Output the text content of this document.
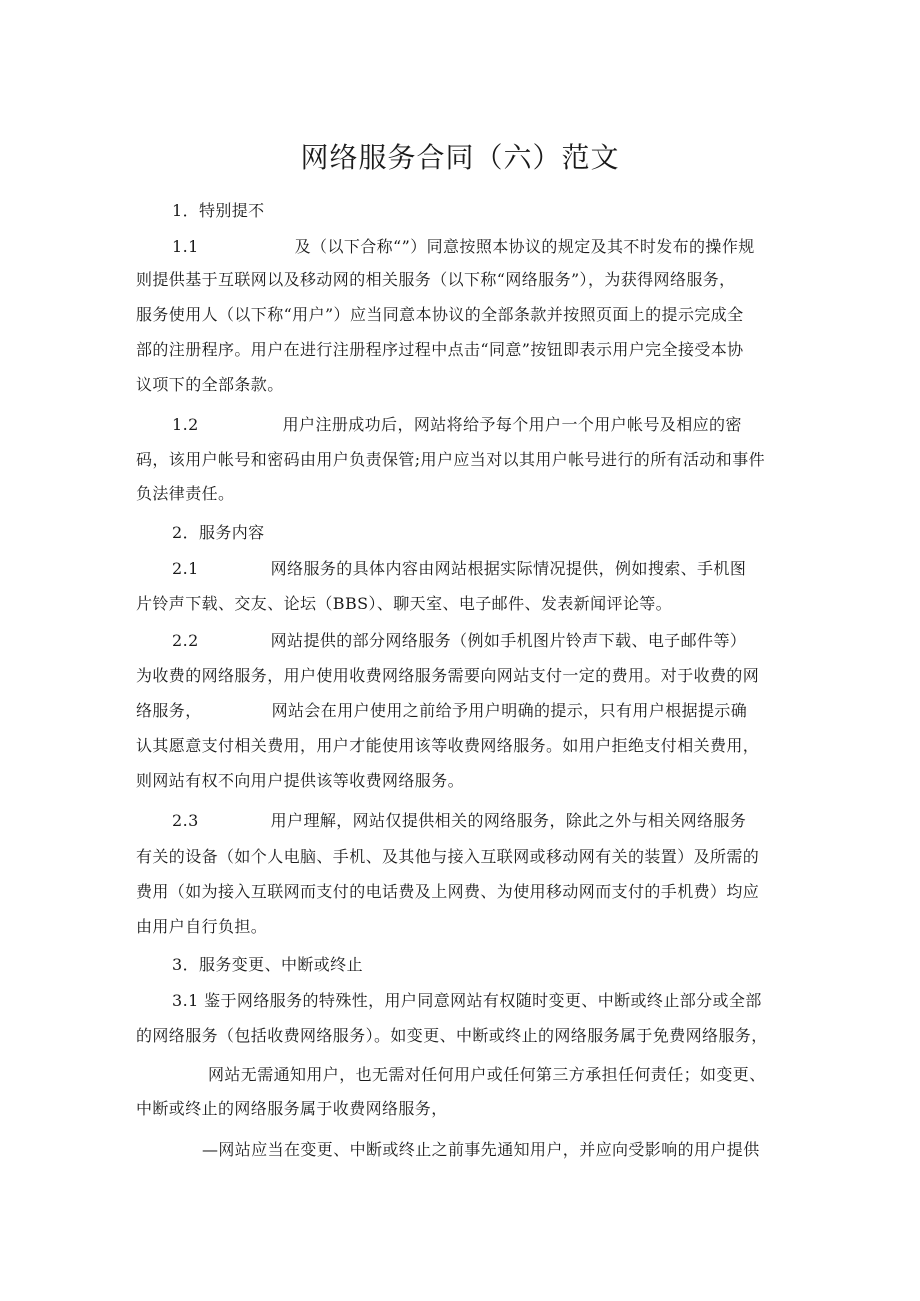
网络服务合同（六）范文
1．特别提不
1.1	及（以下合称“”）同意按照本协议的规定及其不时发布的操作规
则提供基于互联网以及移动网的相关服务（以下称“网络服务”），为获得网络服务，
服务使用人（以下称“用户”）应当同意本协议的全部条款并按照页面上的提示完成全
部的注册程序。用户在进行注册程序过程中点击“同意”按钮即表示用户完全接受本协
议项下的全部条款。
1.2	用户注册成功后，网站将给予每个用户一个用户帐号及相应的密
码，该用户帐号和密码由用户负责保管;用户应当对以其用户帐号进行的所有活动和事件
负法律责任。
2．服务内容
2.1	网络服务的具体内容由网站根据实际情况提供，例如搜索、手机图
片铃声下载、交友、论坛（BBS）、聊天室、电子邮件、发表新闻评论等。
2.2	网站提供的部分网络服务（例如手机图片铃声下载、电子邮件等）
为收费的网络服务，用户使用收费网络服务需要向网站支付一定的费用。对于收费的网
络服务，	网站会在用户使用之前给予用户明确的提示，只有用户根据提示确
认其愿意支付相关费用，用户才能使用该等收费网络服务。如用户拒绝支付相关费用，
则网站有权不向用户提供该等收费网络服务。
2.3	用户理解，网站仅提供相关的网络服务，除此之外与相关网络服务
有关的设备（如个人电脑、手机、及其他与接入互联网或移动网有关的装置）及所需的
费用（如为接入互联网而支付的电话费及上网费、为使用移动网而支付的手机费）均应
由用户自行负担。
3．服务变更、中断或终止
3.1 鉴于网络服务的特殊性，用户同意网站有权随时变更、中断或终止部分或全部
的网络服务（包括收费网络服务）。如变更、中断或终止的网络服务属于免费网络服务，
网站无需通知用户，也无需对任何用户或任何第三方承担任何责任；如变更、
中断或终止的网络服务属于收费网络服务，
—网站应当在变更、中断或终止之前事先通知用户，并应向受影响的用户提供
